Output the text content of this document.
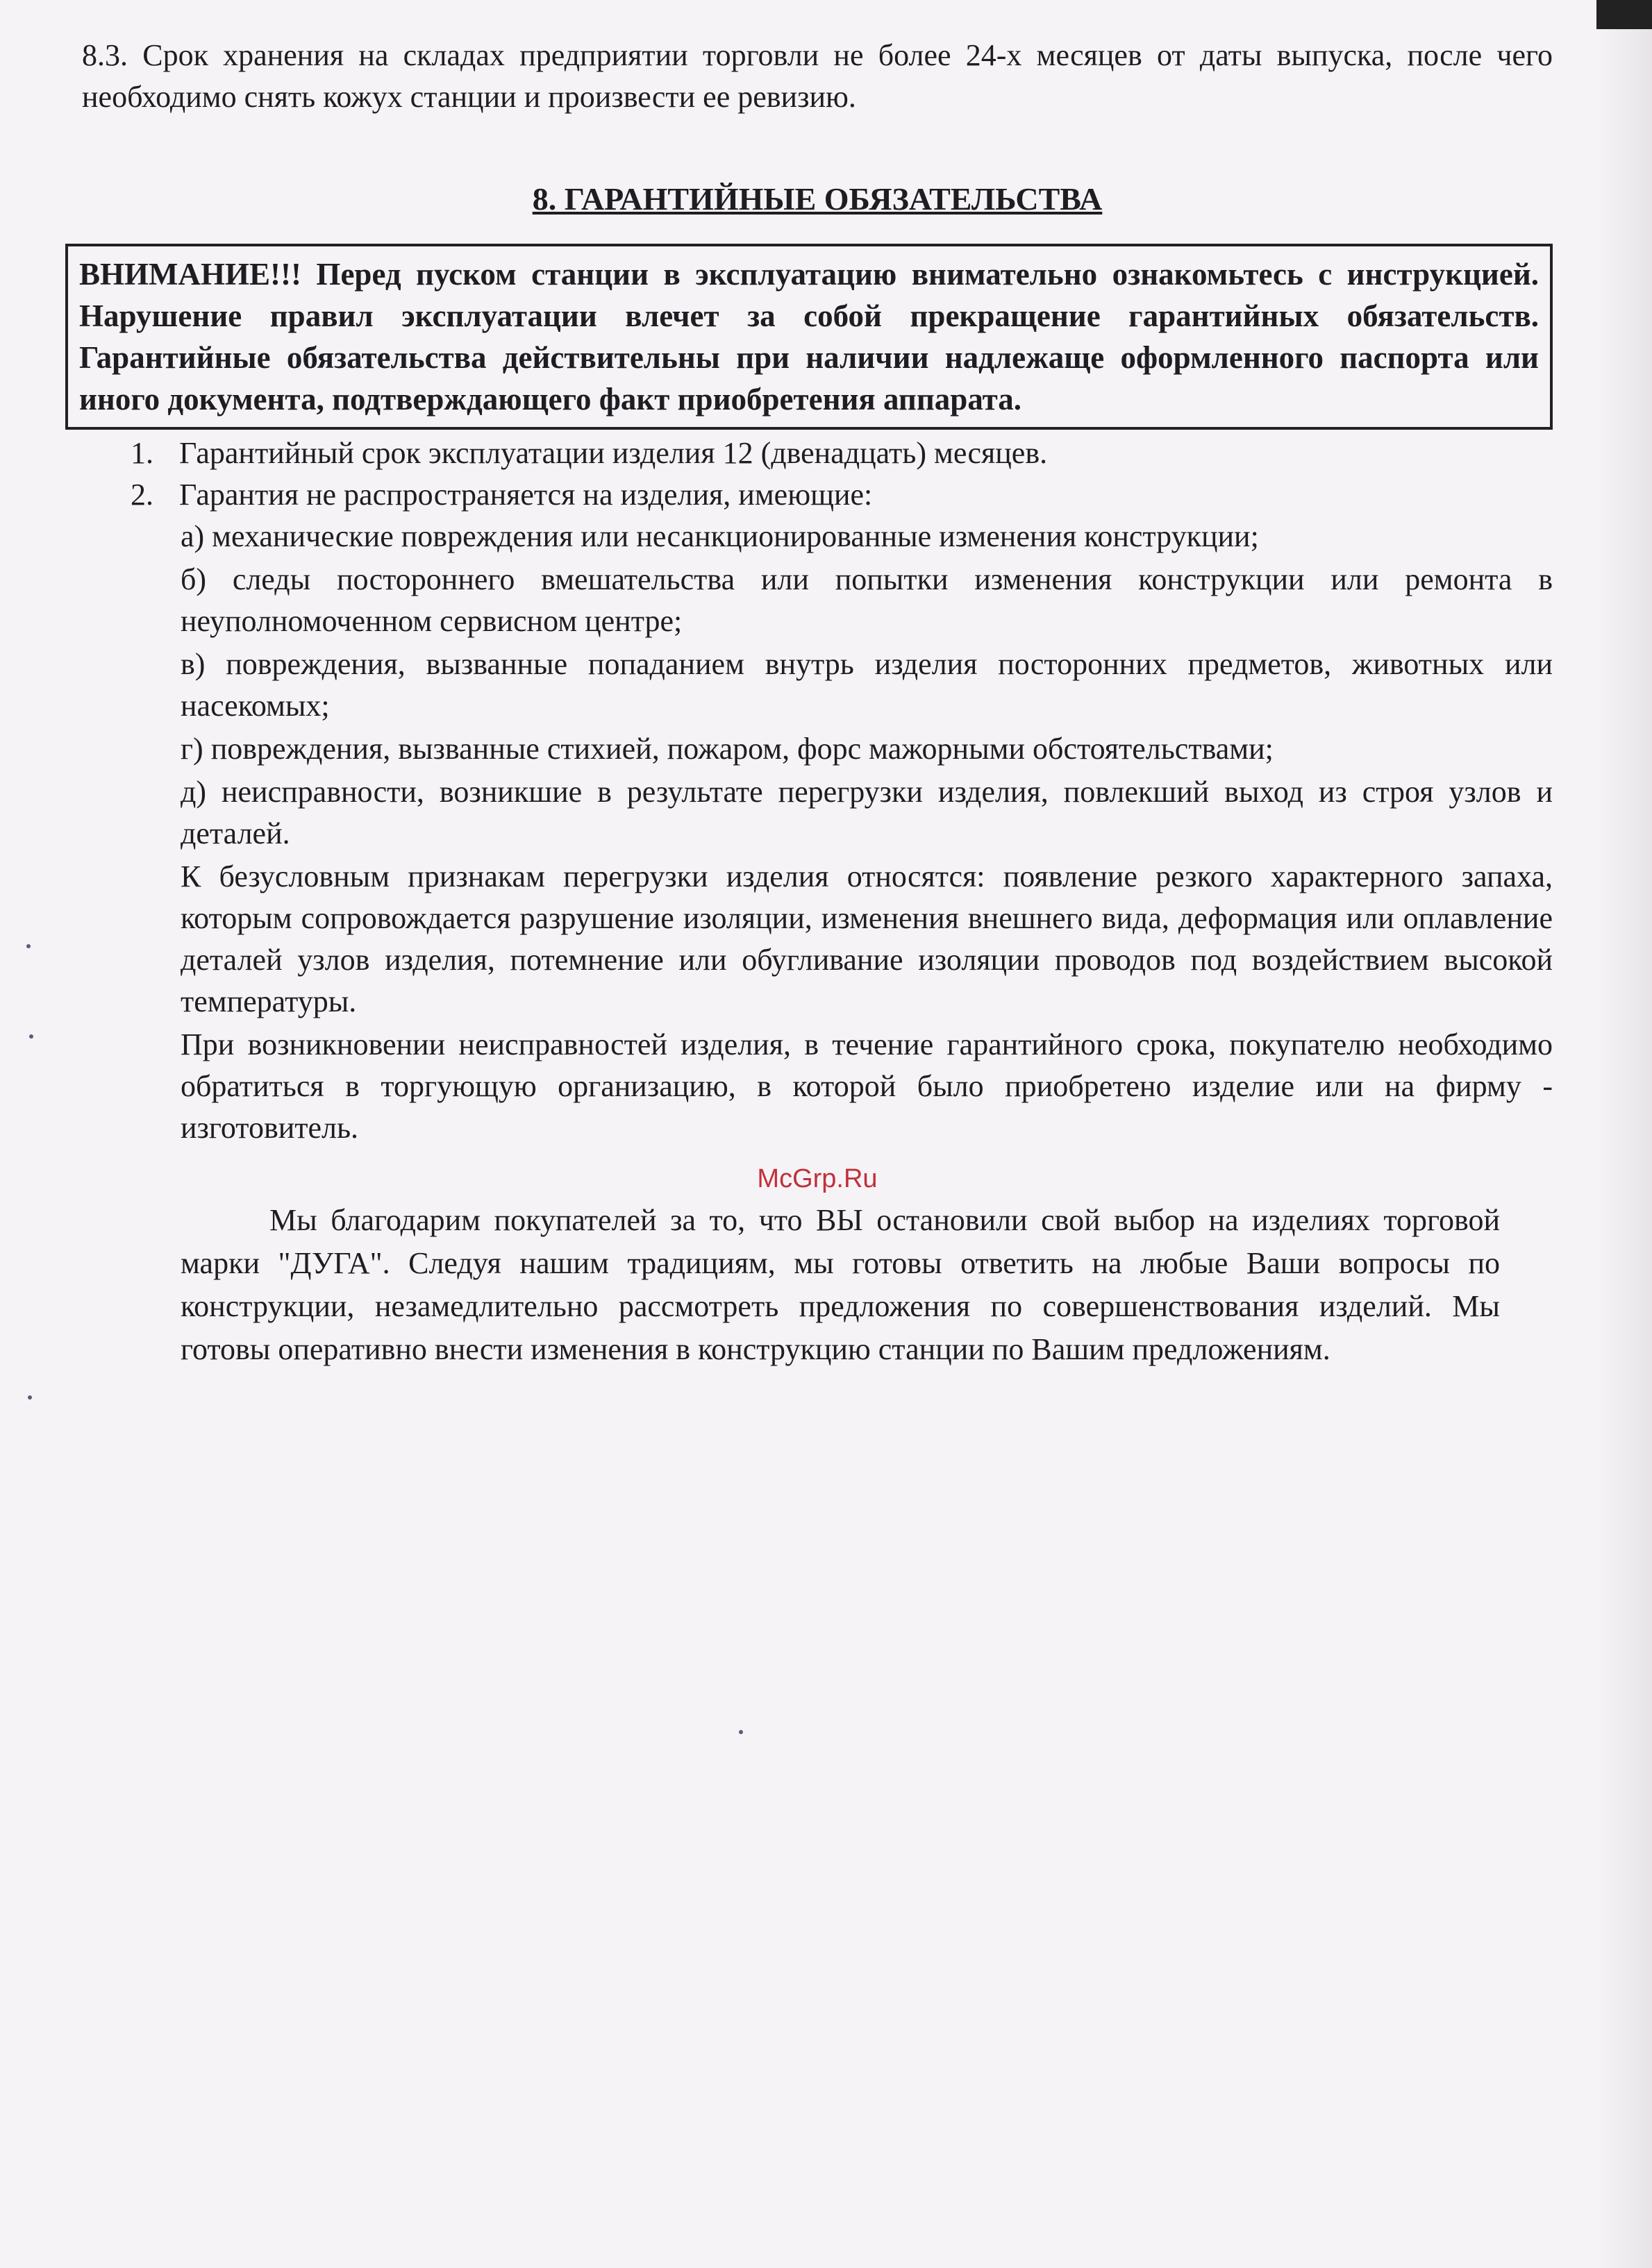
8.3. Срок хранения на складах предприятии торговли не более 24-х месяцев от даты выпуска, после чего необходимо снять кожух станции и произвести ее ревизию.

8. ГАРАНТИЙНЫЕ ОБЯЗАТЕЛЬСТВА
ВНИМАНИЕ!!! Перед пуском станции в эксплуатацию внимательно ознакомьтесь с инструкцией. Нарушение правил эксплуатации влечет за собой прекращение гарантийных обязательств. Гарантийные обязательства действительны при наличии надлежаще оформленного паспорта или иного документа, подтверждающего факт приобретения аппарата.
1. Гарантийный срок эксплуатации изделия 12 (двенадцать) месяцев.
2. Гарантия не распространяется на изделия, имеющие:

а) механические повреждения или несанкционированные изменения конструкции;

б) следы постороннего вмешательства или попытки изменения конструкции или ремонта в неуполномоченном сервисном центре;

в) повреждения, вызванные попаданием внутрь изделия посторонних предметов, животных или насекомых;

г) повреждения, вызванные стихией, пожаром, форс мажорными обстоятельствами;

д) неисправности, возникшие в результате перегрузки изделия, повлекший выход из строя узлов и деталей.

К безусловным признакам перегрузки изделия относятся: появление резкого характерного запаха, которым сопровождается разрушение изоляции, изменения внешнего вида, деформация или оплавление деталей узлов изделия, потемнение или обугливание изоляции проводов под воздействием высокой температуры.

При возникновении неисправностей изделия, в течение гарантийного срока, покупателю необходимо обратиться в торгующую организацию, в которой было приобретено изделие или на фирму - изготовитель.

McGrp.Ru

Мы благодарим покупателей за то, что ВЫ остановили свой выбор на изделиях торговой марки "ДУГА". Следуя нашим традициям, мы готовы ответить на любые Ваши вопросы по конструкции, незамедлительно рассмотреть предложения по совершенствования изделий. Мы готовы оперативно внести изменения в конструкцию станции по Вашим предложениям.
